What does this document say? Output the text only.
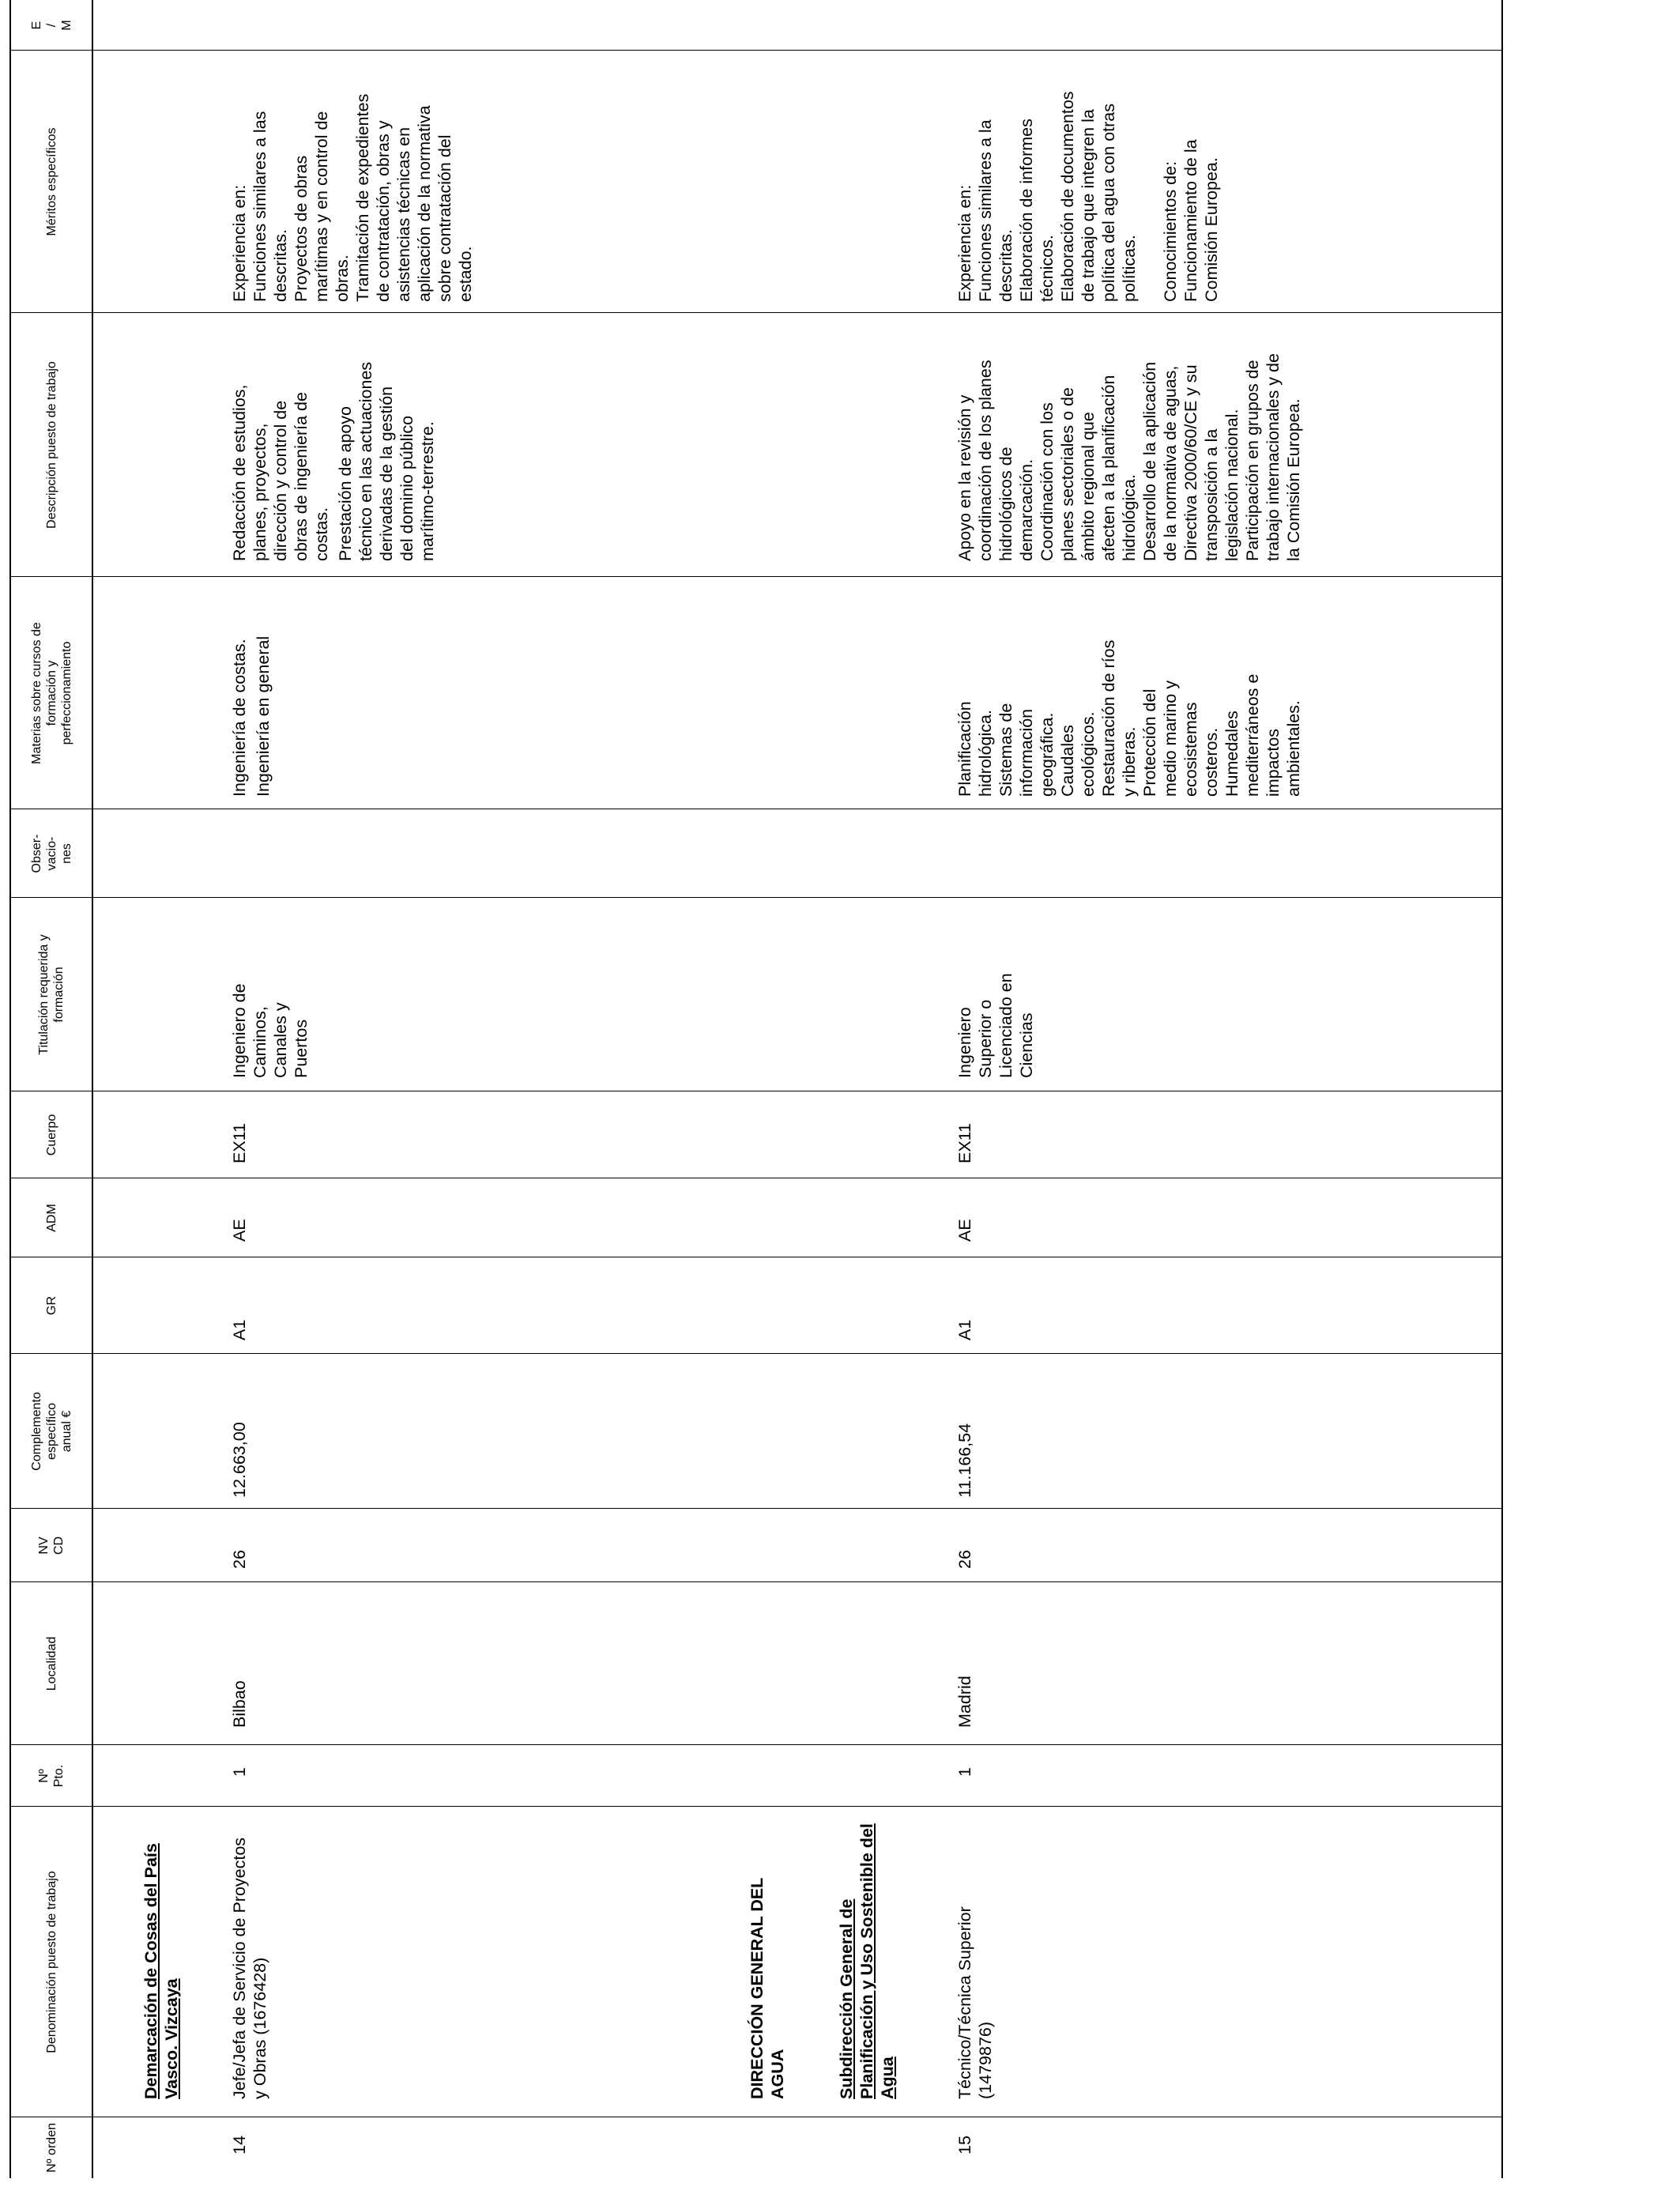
Nº orden
Denominación puesto de trabajo
Nº Pto.
Localidad
NV CD
Complemento específico anual €
GR
ADM
Cuerpo
Titulación requerida y formación
Obser-vacio-nes
Materias sobre cursos de formación y perfeccionamiento
Descripción puesto de trabajo
Méritos específicos
E / M
Demarcación de Cosas del País Vasco. Vizcaya
14
Jefe/Jefa de Servicio de Proyectos y Obras (1676428)
1
Bilbao
26
12.663,00
A1
AE
EX11
Ingeniero de Caminos, Canales y Puertos

Ingeniería de costas. Ingeniería en general

Redacción de estudios, planes, proyectos, dirección y control de obras de ingeniería de costas. Prestación de apoyo técnico en las actuaciones derivadas de la gestión del dominio público marítimo-terrestre.

Experiencia en: Funciones similares a las descritas. Proyectos de obras marítimas y en control de obras. Tramitación de expedientes de contratación, obras y asistencias técnicas en aplicación de la normativa sobre contratación del estado.

DIRECCIÓN GENERAL DEL AGUA	Subdirección General de Planificación y Uso Sostenible del Agua
15
Técnico/Técnica Superior (1479876)
1
Madrid
26
11.166,54
A1
AE
EX11
Ingeniero Superior o Licenciado en Ciencias

Planificación hidrológica. Sistemas de información geográfica. Caudales ecológicos. Restauración de ríos y riberas. Protección del medio marino y ecosistemas costeros. Humedales mediterráneos e impactos ambientales.

Apoyo en la revisión y coordinación de los planes hidrológicos de demarcación. Coordinación con los planes sectoriales o de ámbito regional que afecten a la planificación hidrológica. Desarrollo de la aplicación de la normativa de aguas, Directiva 2000/60/CE y su transposición a la legislación nacional. Participación en grupos de trabajo internacionales y de la Comisión Europea.

Experiencia en: Funciones similares a la descritas. Elaboración de informes técnicos. Elaboración de documentos de trabajo que integren la política del agua con otras políticas. Conocimientos de: Funcionamiento de la Comisión Europea.
